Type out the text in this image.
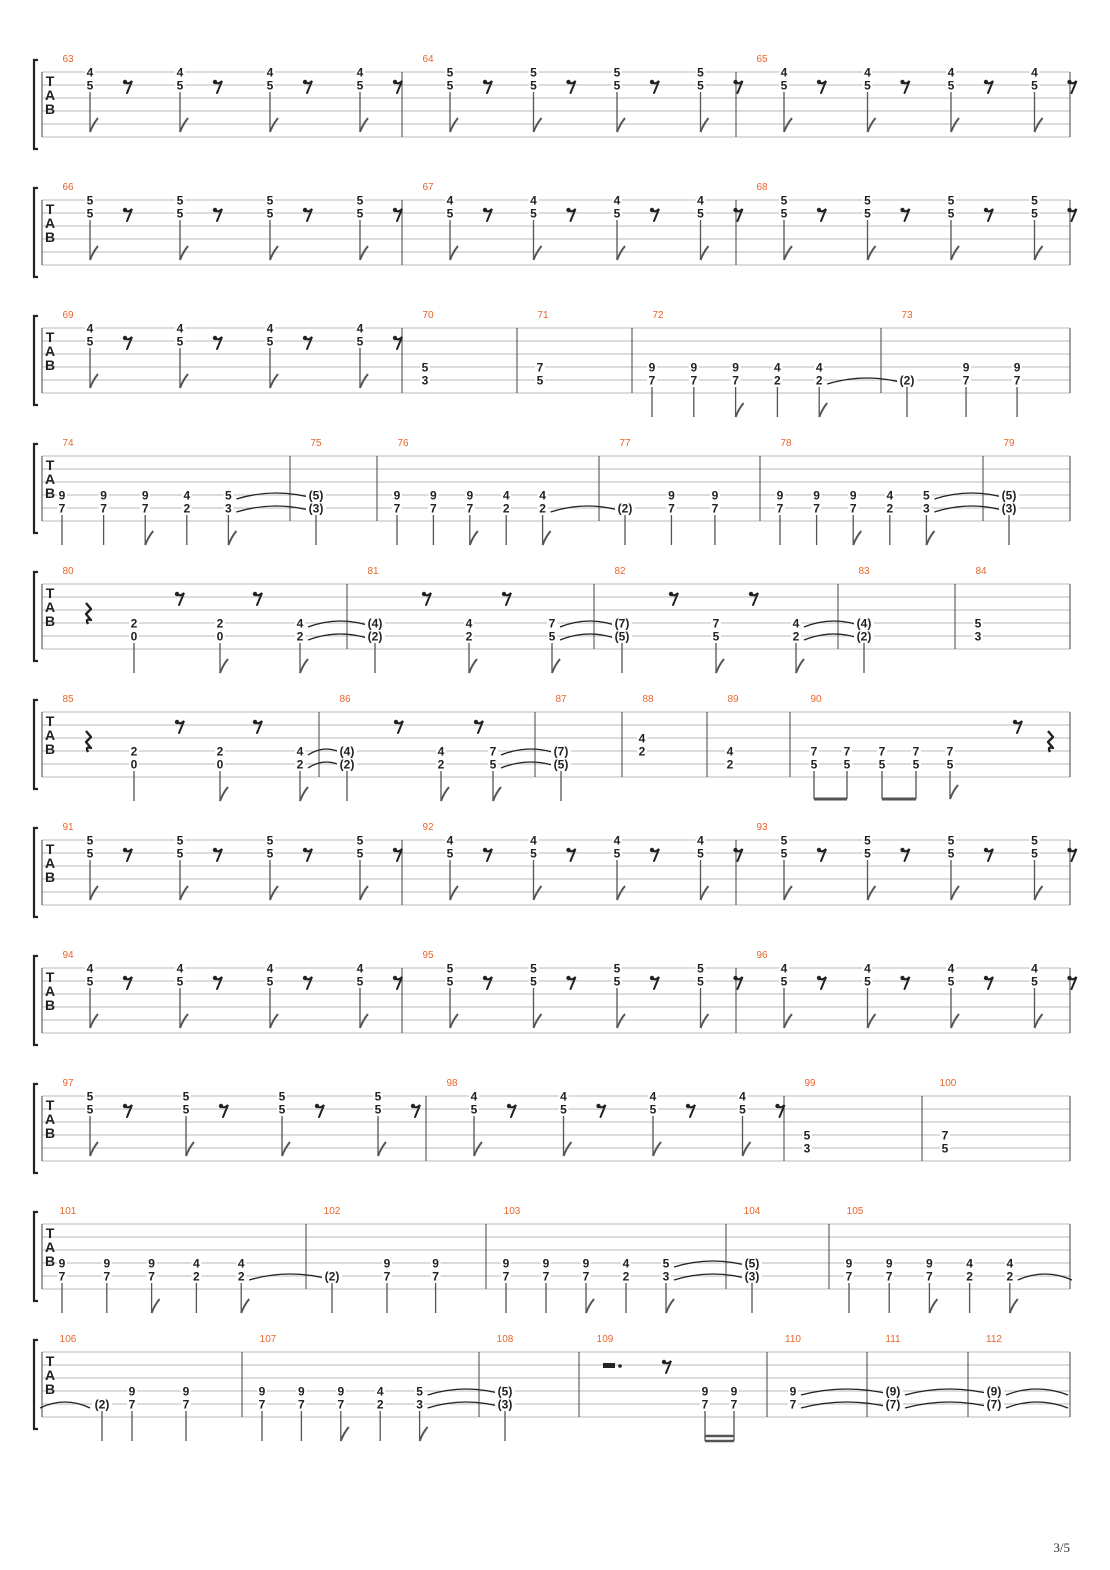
T
A
B
63
4
5
4
5
4
5
4
5
64
5
5
5
5
5
5
5
5
65
4
5
4
5
4
5
4
5
T
A
B
66
5
5
5
5
5
5
5
5
67
4
5
4
5
4
5
4
5
68
5
5
5
5
5
5
5
5
T
A
B
69
4
5
4
5
4
5
4
5
70
5
3
71
7
5
72
9
7
9
7
9
7
4
2
4
2
73
(2)
9
7
9
7
T
A
B
74
9
7
9
7
9
7
4
2
5
3
75
(5)
(3)
76
9
7
9
7
9
7
4
2
4
2
77
(2)
9
7
9
7
78
9
7
9
7
9
7
4
2
5
3
79
(5)
(3)
T
A
B
80
2
0
2
0
4
2
81
(4)
(2)
4
2
7
5
82
(7)
(5)
7
5
4
2
83
(4)
(2)
84
5
3
T
A
B
85
2
0
2
0
4
2
86
(4)
(2)
4
2
7
5
87
(7)
(5)
88
4
2
89
4
2
90
7
5
7
5
7
5
7
5
7
5
T
A
B
91
5
5
5
5
5
5
5
5
92
4
5
4
5
4
5
4
5
93
5
5
5
5
5
5
5
5
T
A
B
94
4
5
4
5
4
5
4
5
95
5
5
5
5
5
5
5
5
96
4
5
4
5
4
5
4
5
T
A
B
97
5
5
5
5
5
5
5
5
98
4
5
4
5
4
5
4
5
99
5
3
100
7
5
T
A
B
101
9
7
9
7
9
7
4
2
4
2
102
(2)
9
7
9
7
103
9
7
9
7
9
7
4
2
5
3
104
(5)
(3)
105
9
7
9
7
9
7
4
2
4
2
T
A
B
106
(2)
9
7
9
7
107
9
7
9
7
9
7
4
2
5
3
108
(5)
(3)
109
9
7
9
7
110
9
7
111
(9)
(7)
112
(9)
(7)
3/5
